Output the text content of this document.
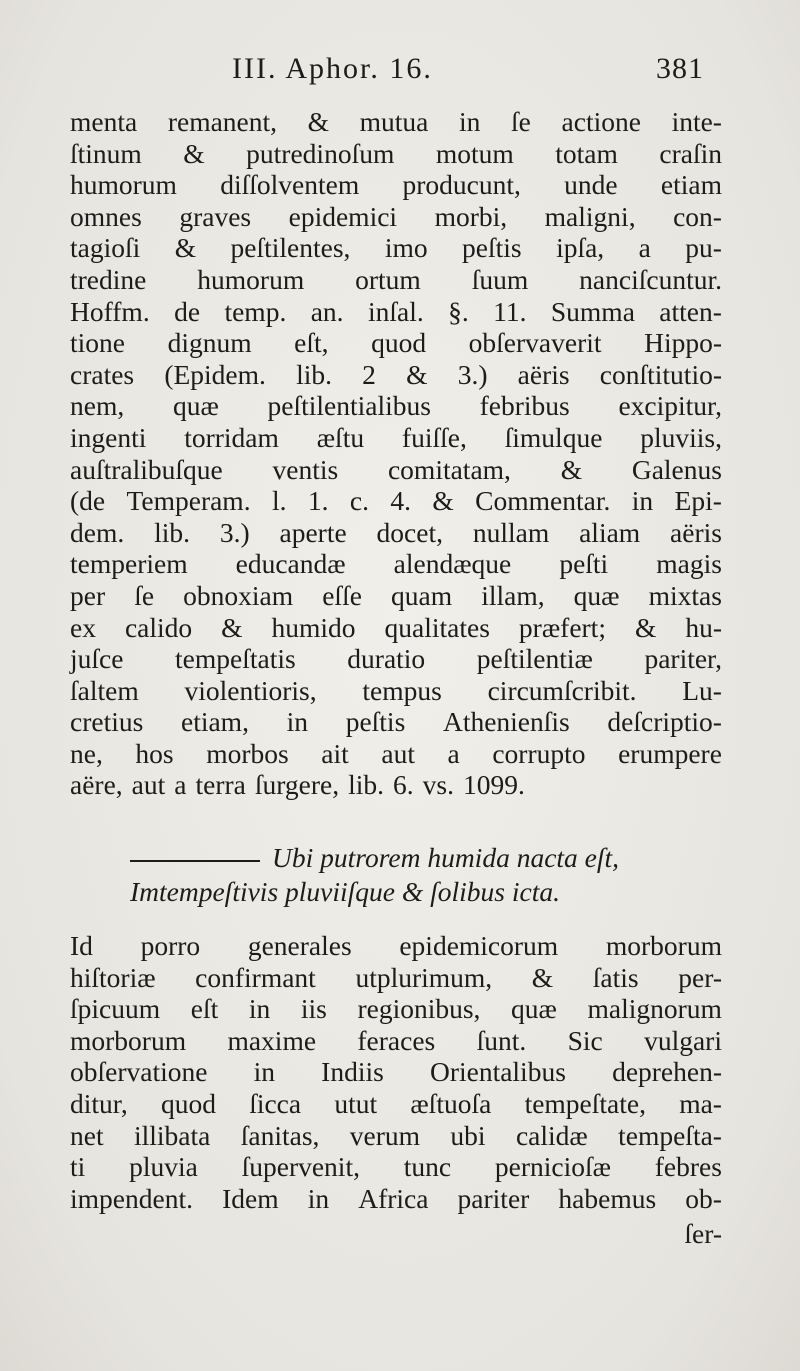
III. Aphor. 16.	381
menta remanent, & mutua in ſe actione inte-
ſtinum & putredinoſum motum totam craſin
humorum diſſolventem producunt, unde etiam
omnes graves epidemici morbi, maligni, con-
tagioſi & peſtilentes, imo peſtis ipſa, a pu-
tredine humorum ortum ſuum nanciſcuntur.
Hoffm. de temp. an. inſal. §. 11. Summa atten-
tione dignum eſt, quod obſervaverit Hippo-
crates (Epidem. lib. 2 & 3.) aëris conſtitutio-
nem, quæ peſtilentialibus febribus excipitur,
ingenti torridam æſtu fuiſſe, ſimulque pluviis,
auſtralibuſque ventis comitatam, & Galenus
(de Temperam. l. 1. c. 4. & Commentar. in Epi-
dem. lib. 3.) aperte docet, nullam aliam aëris
temperiem educandæ alendæque peſti magis
per ſe obnoxiam eſſe quam illam, quæ mixtas
ex calido & humido qualitates præfert; & hu-
juſce tempeſtatis duratio peſtilentiæ pariter,
ſaltem violentioris, tempus circumſcribit. Lu-
cretius etiam, in peſtis Athenienſis deſcriptio-
ne, hos morbos ait aut a corrupto erumpere
aëre, aut a terra ſurgere, lib. 6. vs. 1099.
Ubi putrorem humida nacta eſt,
Imtempeſtivis pluviiſque & ſolibus icta.
Id porro generales epidemicorum morborum
hiſtoriæ confirmant utplurimum, & ſatis per-
ſpicuum eſt in iis regionibus, quæ malignorum
morborum maxime feraces ſunt. Sic vulgari
obſervatione in Indiis Orientalibus deprehen-
ditur, quod ſicca utut æſtuoſa tempeſtate, ma-
net illibata ſanitas, verum ubi calidæ tempeſta-
ti pluvia ſupervenit, tunc pernicioſæ febres
impendent. Idem in Africa pariter habemus ob-
ſer-
